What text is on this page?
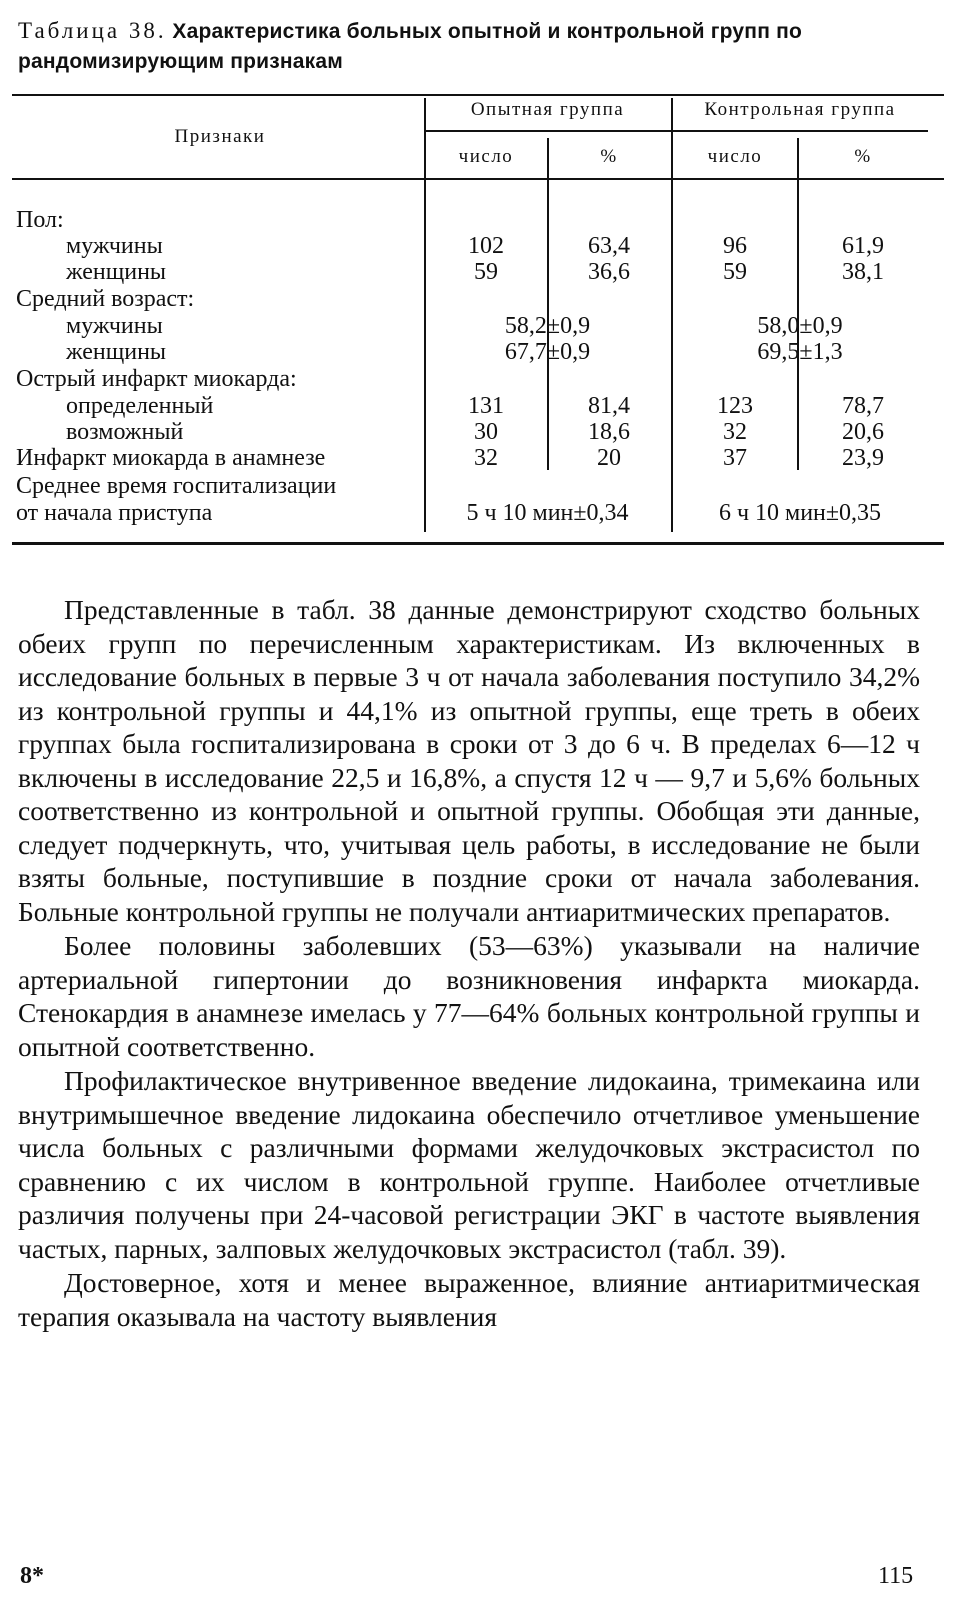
Таблица 38. Характеристика больных опытной и контрольной групп по рандомизирующим признакам
Признаки
Опытная группа	Контрольная группа
число	%	число	%
Пол:
мужчины	102	63,4	96	61,9
женщины	59	36,6	59	38,1
Средний возраст:
мужчины	58,2±0,9	58,0±0,9
женщины	67,7±0,9	69,5±1,3
Острый инфаркт миокарда:
определенный	131	81,4	123	78,7
возможный	30	18,6	32	20,6
Инфаркт миокарда в анамнезе	32	20	37	23,9
Среднее время госпитализации
от начала приступа	5 ч 10 мин±0,34	6 ч 10 мин±0,35

Представленные в табл. 38 данные демонстрируют сходство больных обеих групп по перечисленным характеристикам. Из включенных в исследование больных в первые 3 ч от начала заболевания поступило 34,2% из контрольной группы и 44,1% из опытной группы, еще треть в обеих группах была госпитализирована в сроки от 3 до 6 ч. В пределах 6—12 ч включены в исследование 22,5 и 16,8%, а спустя 12 ч — 9,7 и 5,6% больных соответственно из контрольной и опытной группы. Обобщая эти данные, следует подчеркнуть, что, учитывая цель работы, в исследование не были взяты больные, поступившие в поздние сроки от начала заболевания. Больные контрольной группы не получали антиаритмических препаратов.

Более половины заболевших (53—63%) указывали на наличие артериальной гипертонии до возникновения инфаркта миокарда. Стенокардия в анамнезе имелась у 77—64% больных контрольной группы и опытной соответственно.

Профилактическое внутривенное введение лидокаина, тримекаина или внутримышечное введение лидокаина обеспечило отчетливое уменьшение числа больных с различными формами желудочковых экстрасистол по сравнению с их числом в контрольной группе. Наиболее отчетливые различия получены при 24-часовой регистрации ЭКГ в частоте выявления частых, парных, залповых желудочковых экстрасистол (табл. 39).

Достоверное, хотя и менее выраженное, влияние антиаритмическая терапия оказывала на частоту выявления

8*	115
